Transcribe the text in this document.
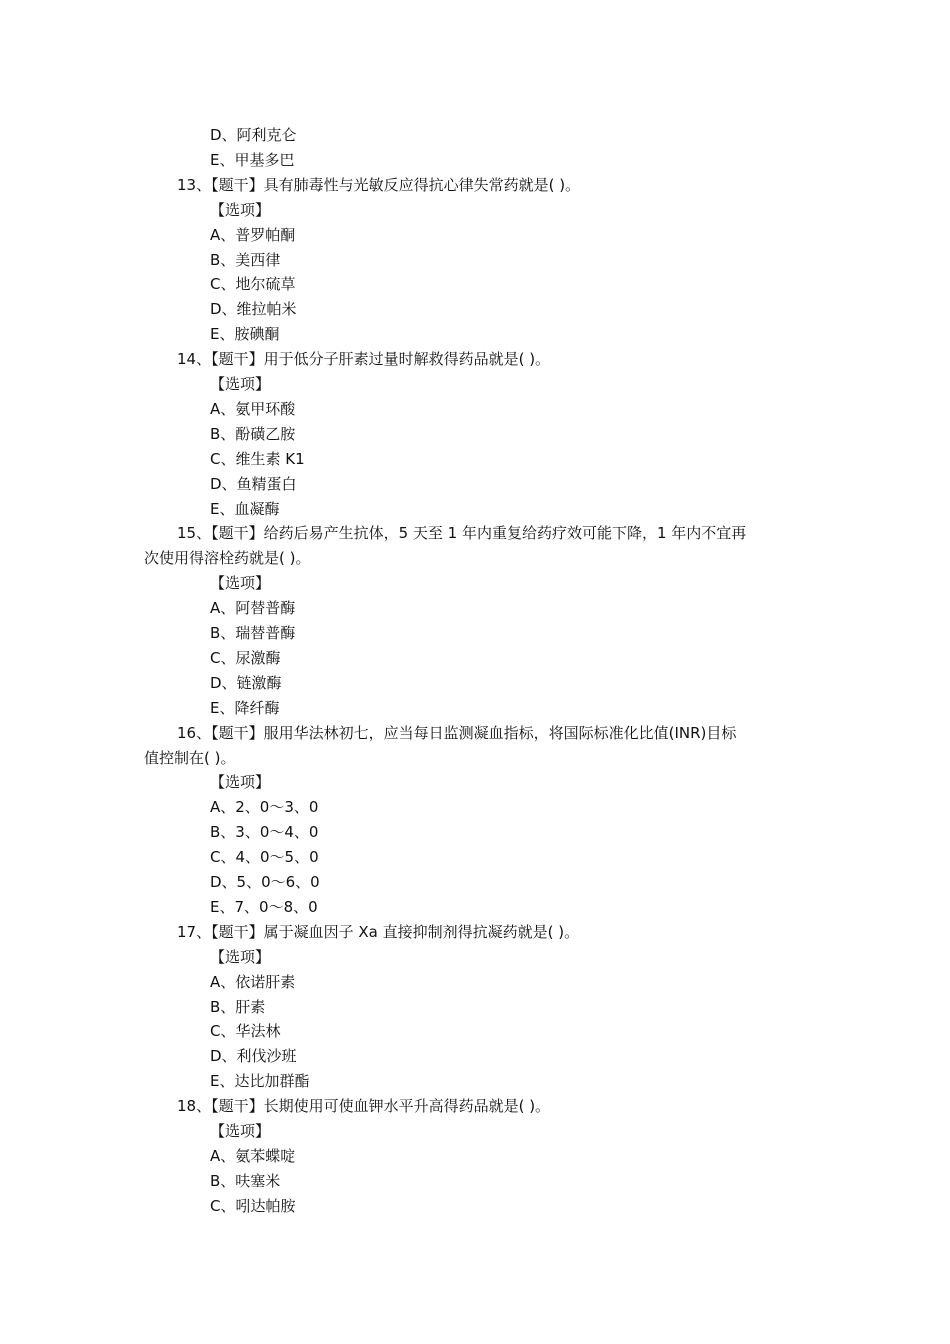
D、阿利克仑
E、甲基多巴
13、【题干】具有肺毒性与光敏反应得抗心律失常药就是( )。
【选项】
A、普罗帕酮
B、美西律
C、地尔硫草
D、维拉帕米
E、胺碘酮
14、【题干】用于低分子肝素过量时解救得药品就是( )。
【选项】
A、氨甲环酸
B、酚磺乙胺
C、维生素 K1
D、鱼精蛋白
E、血凝酶
15、【题干】给药后易产生抗体，5 天至 1 年内重复给药疗效可能下降，1 年内不宜再
次使用得溶栓药就是( )。
【选项】
A、阿替普酶
B、瑞替普酶
C、尿激酶
D、链激酶
E、降纤酶
16、【题干】服用华法林初七，应当每日监测凝血指标，将国际标准化比值(INR)目标
值控制在( )。
【选项】
A、2、0～3、0
B、3、0～4、0
C、4、0～5、0
D、5、0～6、0
E、7、0～8、0
17、【题干】属于凝血因子 Xa 直接抑制剂得抗凝药就是( )。
【选项】
A、依诺肝素
B、肝素
C、华法林
D、利伐沙班
E、达比加群酯
18、【题干】长期使用可使血钾水平升高得药品就是( )。
【选项】
A、氨苯蝶啶
B、呋塞米
C、吲达帕胺
